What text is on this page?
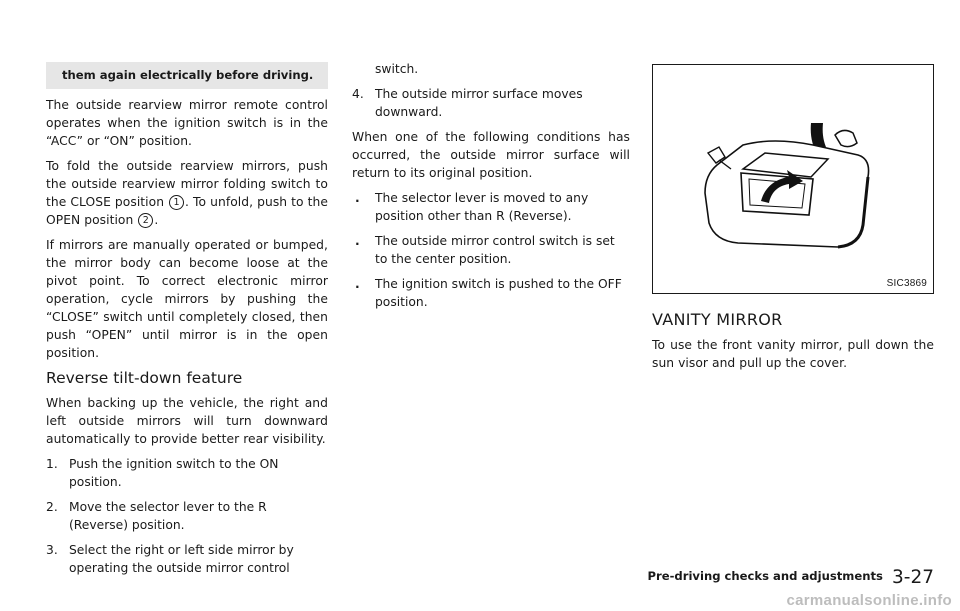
them again electrically before driving.

The outside rearview mirror remote control operates when the ignition switch is in the “ACC” or “ON” position.

To fold the outside rearview mirrors, push the outside rearview mirror folding switch to the CLOSE position 1 . To unfold, push to the OPEN position 2 .

If mirrors are manually operated or bumped, the mirror body can become loose at the pivot point. To correct electronic mirror operation, cycle mirrors by pushing the “CLOSE” switch until completely closed, then push “OPEN” until mirror is in the open position.

Reverse tilt-down feature

When backing up the vehicle, the right and left outside mirrors will turn downward automatically to provide better rear visibility.

1. Push the ignition switch to the ON position.
2. Move the selector lever to the R (Reverse) position.
3. Select the right or left side mirror by operating the outside mirror control
switch.
4. The outside mirror surface moves downward.

When one of the following conditions has occurred, the outside mirror surface will return to its original position.

. The selector lever is moved to any position other than R (Reverse).
. The outside mirror control switch is set to the center position.
. The ignition switch is pushed to the OFF position.
SIC3869
VANITY MIRROR

To use the front vanity mirror, pull down the sun visor and pull up the cover.

Pre-driving checks and adjustments 3-27
carmanualsonline.info
